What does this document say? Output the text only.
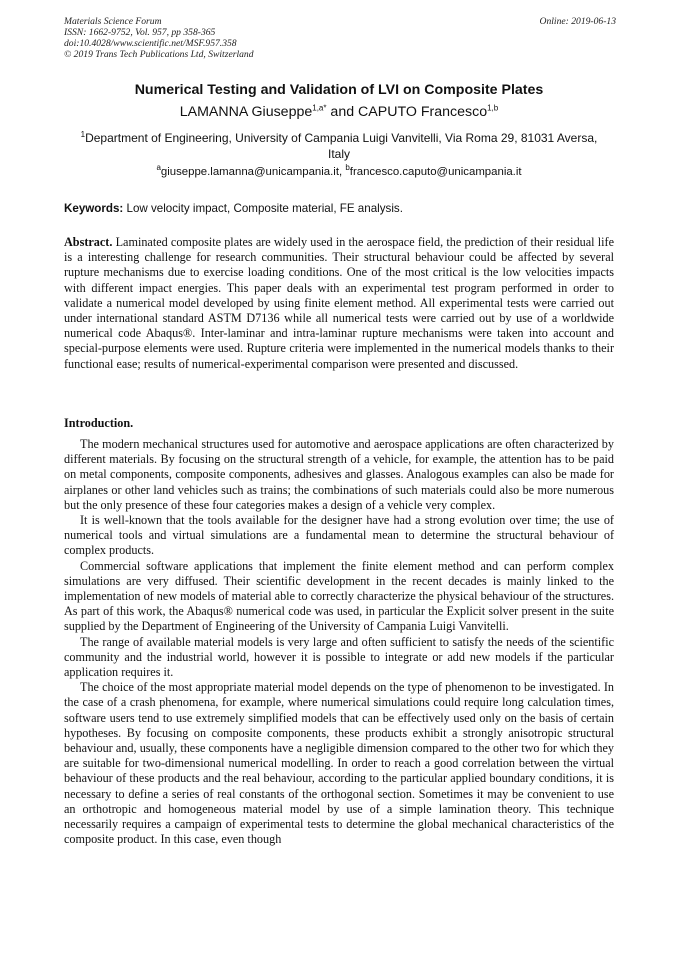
Materials Science Forum
ISSN: 1662-9752, Vol. 957, pp 358-365
doi:10.4028/www.scientific.net/MSF.957.358
© 2019 Trans Tech Publications Ltd, Switzerland
Online: 2019-06-13
Numerical Testing and Validation of LVI on Composite Plates
LAMANNA Giuseppe$^{1,a*}$ and CAPUTO Francesco$^{1,b}$
$^1$Department of Engineering, University of Campania Luigi Vanvitelli, Via Roma 29, 81031 Aversa, Italy
$^a$giuseppe.lamanna@unicampania.it, $^b$francesco.caputo@unicampania.it
Keywords: Low velocity impact, Composite material, FE analysis.
Abstract. Laminated composite plates are widely used in the aerospace field, the prediction of their residual life is a interesting challenge for research communities. Their structural behaviour could be affected by several rupture mechanisms due to exercise loading conditions. One of the most critical is the low velocities impacts with different impact energies. This paper deals with an experimental test program performed in order to validate a numerical model developed by using finite element method. All experimental tests were carried out under international standard ASTM D7136 while all numerical tests were carried out by use of a worldwide numerical code Abaqus®. Inter-laminar and intra-laminar rupture mechanisms were taken into account and special-purpose elements were used. Rupture criteria were implemented in the numerical models thanks to their functional ease; results of numerical-experimental comparison were presented and discussed.
Introduction.

The modern mechanical structures used for automotive and aerospace applications are often characterized by different materials. By focusing on the structural strength of a vehicle, for example, the attention has to be paid on metal components, composite components, adhesives and glasses. Analogous examples can also be made for airplanes or other land vehicles such as trains; the combinations of such materials could also be more numerous but the only presence of these four categories makes a design of a vehicle very complex.

It is well-known that the tools available for the designer have had a strong evolution over time; the use of numerical tools and virtual simulations are a fundamental mean to determine the structural behaviour of complex products.

Commercial software applications that implement the finite element method and can perform complex simulations are very diffused. Their scientific development in the recent decades is mainly linked to the implementation of new models of material able to correctly characterize the physical behaviour of the structures. As part of this work, the Abaqus® numerical code was used, in particular the Explicit solver present in the suite supplied by the Department of Engineering of the University of Campania Luigi Vanvitelli.

The range of available material models is very large and often sufficient to satisfy the needs of the scientific community and the industrial world, however it is possible to integrate or add new models if the particular application requires it.

The choice of the most appropriate material model depends on the type of phenomenon to be investigated. In the case of a crash phenomena, for example, where numerical simulations could require long calculation times, software users tend to use extremely simplified models that can be effectively used only on the basis of certain hypotheses. By focusing on composite components, these products exhibit a strongly anisotropic structural behaviour and, usually, these components have a negligible dimension compared to the other two for which they are suitable for two-dimensional numerical modelling. In order to reach a good correlation between the virtual behaviour of these products and the real behaviour, according to the particular applied boundary conditions, it is necessary to define a series of real constants of the orthogonal section. Sometimes it may be convenient to use an orthotropic and homogeneous material model by use of a simple lamination theory. This technique necessarily requires a campaign of experimental tests to determine the global mechanical characteristics of the composite product. In this case, even though
